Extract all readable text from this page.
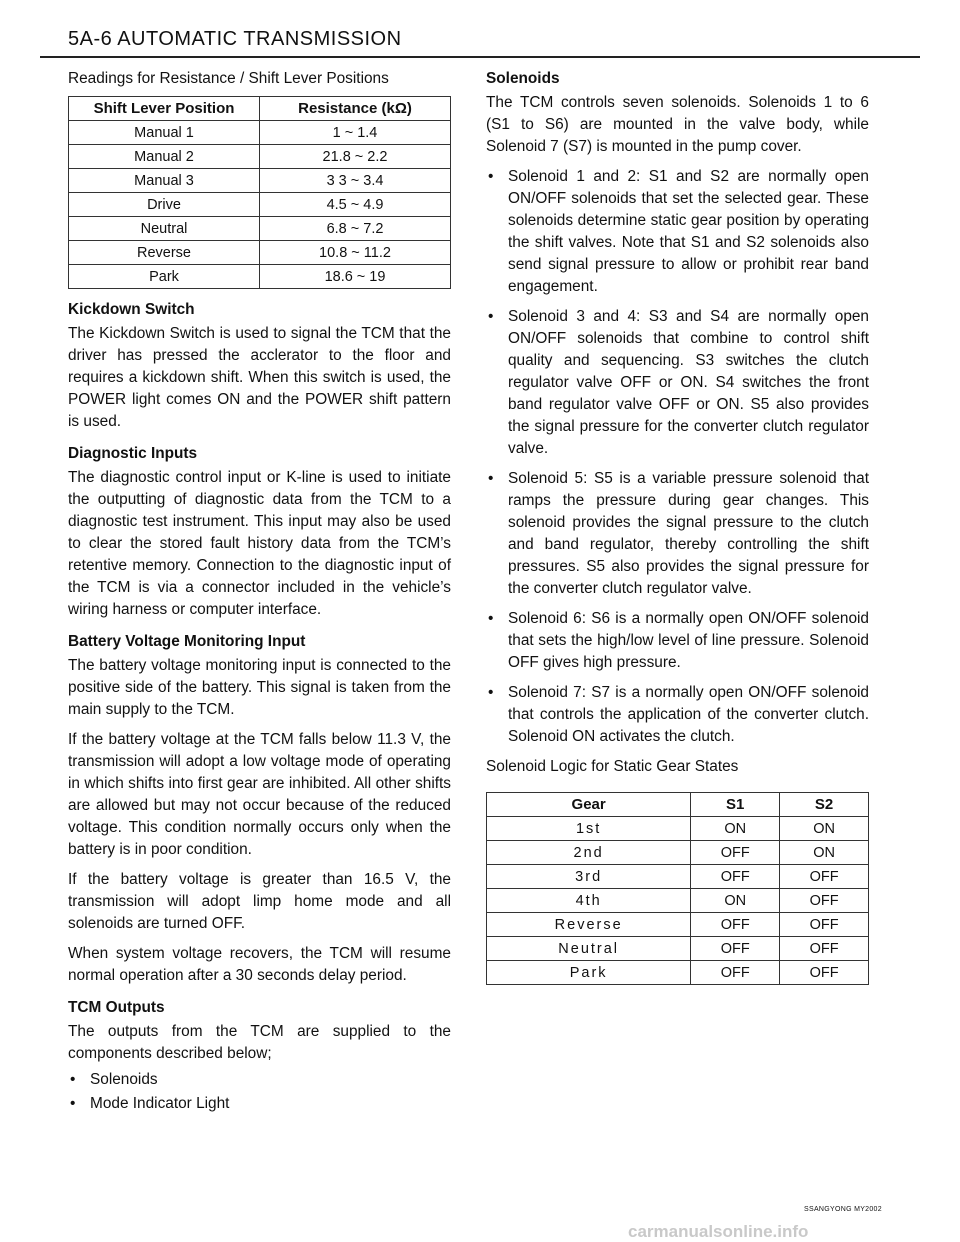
5A-6 AUTOMATIC TRANSMISSION

Readings for Resistance / Shift Lever Positions

Shift Lever Position	Resistance (kΩ)
Manual 1	1 ~ 1.4
Manual 2	21.8 ~ 2.2
Manual 3	3 3 ~ 3.4
Drive	4.5 ~ 4.9
Neutral	6.8 ~ 7.2
Reverse	10.8 ~ 11.2
Park	18.6 ~ 19
Kickdown Switch

The Kickdown Switch is used to signal the TCM that the driver has pressed the acclerator to the floor and requires a kickdown shift. When this switch is used, the POWER light comes ON and the POWER shift pattern is used.

Diagnostic Inputs

The diagnostic control input or K-line is used to initiate the outputting of diagnostic data from the TCM to a diagnostic test instrument. This input may also be used to clear the stored fault history data from the TCM’s retentive memory. Connection to the diagnostic input of the TCM is via a connector included in the vehicle’s wiring harness or computer interface.

Battery Voltage Monitoring Input

The battery voltage monitoring input is connected to the positive side of the battery. This signal is taken from the main supply to the TCM.

If the battery voltage at the TCM falls below 11.3 V, the transmission will adopt a low voltage mode of operating in which shifts into first gear are inhibited. All other shifts are allowed but may not occur because of the reduced voltage. This condition normally occurs only when the battery is in poor condition.

If the battery voltage is greater than 16.5 V, the transmission will adopt limp home mode and all solenoids are turned OFF.

When system voltage recovers, the TCM will resume normal operation after a 30 seconds delay period.

TCM Outputs

The outputs from the TCM are supplied to the components described below;

• Solenoids
• Mode Indicator Light
Solenoids

The TCM controls seven solenoids. Solenoids 1 to 6 (S1 to S6) are mounted in the valve body, while Solenoid 7 (S7) is mounted in the pump cover.

• Solenoid 1 and 2: S1 and S2 are normally open ON/OFF solenoids that set the selected gear. These solenoids determine static gear position by operating the shift valves. Note that S1 and S2 solenoids also send signal pressure to allow or prohibit rear band engagement.
• Solenoid 3 and 4: S3 and S4 are normally open ON/OFF solenoids that combine to control shift quality and sequencing. S3 switches the clutch regulator valve OFF or ON. S4 switches the front band regulator valve OFF or ON. S5 also provides the signal pressure for the converter clutch regulator valve.
• Solenoid 5: S5 is a variable pressure solenoid that ramps the pressure during gear changes. This solenoid provides the signal pressure to the clutch and band regulator, thereby controlling the shift pressures. S5 also provides the signal pressure for the converter clutch regulator valve.
• Solenoid 6: S6 is a normally open ON/OFF solenoid that sets the high/low level of line pressure. Solenoid OFF gives high pressure.
• Solenoid 7: S7 is a normally open ON/OFF solenoid that controls the application of the converter clutch. Solenoid ON activates the clutch.

Solenoid Logic for Static Gear States

Gear	S1	S2
1st	ON	ON
2nd	OFF	ON
3rd	OFF	OFF
4th	ON	OFF
Reverse	OFF	OFF
Neutral	OFF	OFF
Park	OFF	OFF
SSANGYONG MY2002
carmanualsonline.info
